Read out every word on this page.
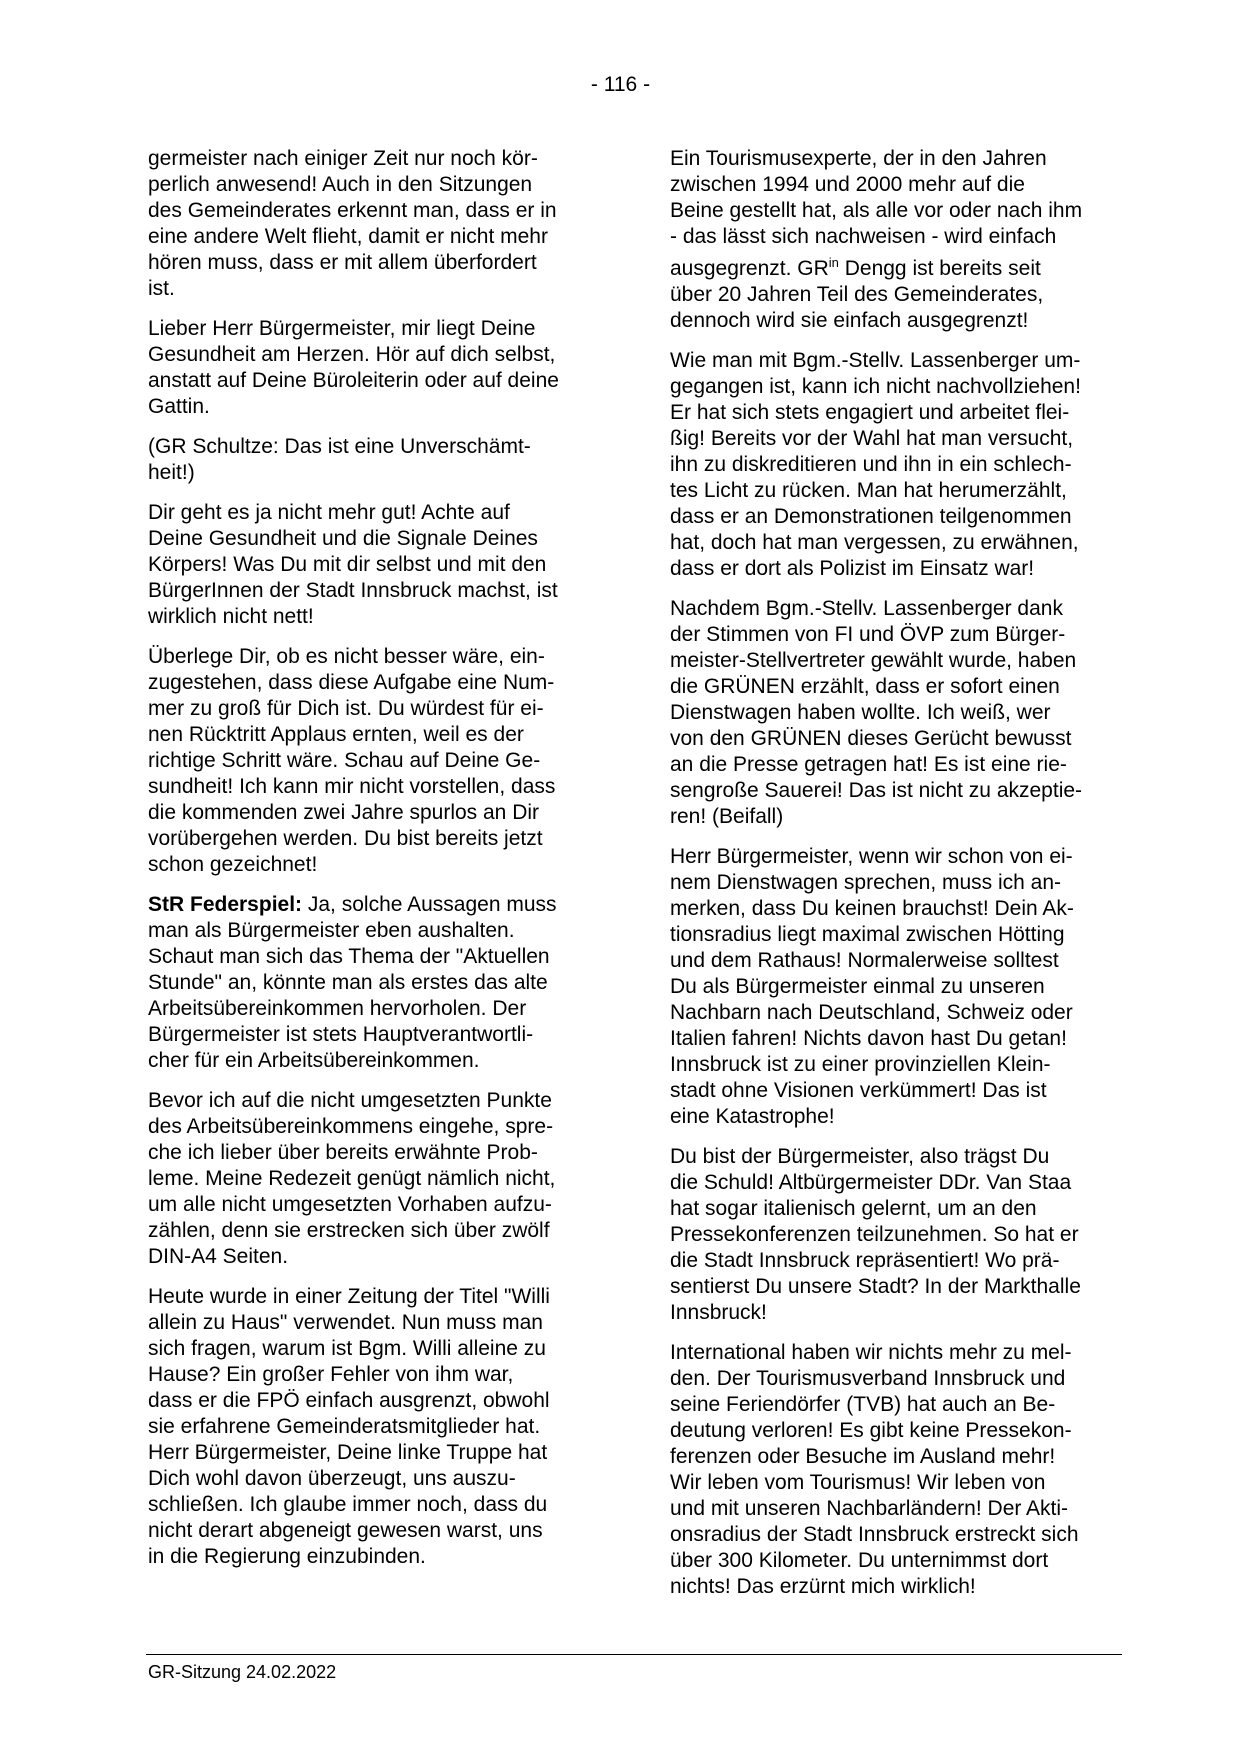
- 116 -

germeister nach einiger Zeit nur noch kör-
perlich anwesend! Auch in den Sitzungen
des Gemeinderates erkennt man, dass er in
eine andere Welt flieht, damit er nicht mehr
hören muss, dass er mit allem überfordert
ist.

Lieber Herr Bürgermeister, mir liegt Deine
Gesundheit am Herzen. Hör auf dich selbst,
anstatt auf Deine Büroleiterin oder auf deine
Gattin.

(GR Schultze: Das ist eine Unverschämt-
heit!)

Dir geht es ja nicht mehr gut! Achte auf
Deine Gesundheit und die Signale Deines
Körpers! Was Du mit dir selbst und mit den
BürgerInnen der Stadt Innsbruck machst, ist
wirklich nicht nett!

Überlege Dir, ob es nicht besser wäre, ein-
zugestehen, dass diese Aufgabe eine Num-
mer zu groß für Dich ist. Du würdest für ei-
nen Rücktritt Applaus ernten, weil es der
richtige Schritt wäre. Schau auf Deine Ge-
sundheit! Ich kann mir nicht vorstellen, dass
die kommenden zwei Jahre spurlos an Dir
vorübergehen werden. Du bist bereits jetzt
schon gezeichnet!

StR Federspiel: Ja, solche Aussagen muss
man als Bürgermeister eben aushalten.
Schaut man sich das Thema der "Aktuellen
Stunde" an, könnte man als erstes das alte
Arbeitsübereinkommen hervorholen. Der
Bürgermeister ist stets Hauptverantwortli-
cher für ein Arbeitsübereinkommen.

Bevor ich auf die nicht umgesetzten Punkte
des Arbeitsübereinkommens eingehe, spre-
che ich lieber über bereits erwähnte Prob-
leme. Meine Redezeit genügt nämlich nicht,
um alle nicht umgesetzten Vorhaben aufzu-
zählen, denn sie erstrecken sich über zwölf
DIN-A4 Seiten.

Heute wurde in einer Zeitung der Titel "Willi
allein zu Haus" verwendet. Nun muss man
sich fragen, warum ist Bgm. Willi alleine zu
Hause? Ein großer Fehler von ihm war,
dass er die FPÖ einfach ausgrenzt, obwohl
sie erfahrene Gemeinderatsmitglieder hat.
Herr Bürgermeister, Deine linke Truppe hat
Dich wohl davon überzeugt, uns auszu-
schließen. Ich glaube immer noch, dass du
nicht derart abgeneigt gewesen warst, uns
in die Regierung einzubinden.

Ein Tourismusexperte, der in den Jahren
zwischen 1994 und 2000 mehr auf die
Beine gestellt hat, als alle vor oder nach ihm
- das lässt sich nachweisen - wird einfach
ausgegrenzt. $GR^{in}$ Dengg ist bereits seit
über 20 Jahren Teil des Gemeinderates,
dennoch wird sie einfach ausgegrenzt!

Wie man mit Bgm.-Stellv. Lassenberger um-
gegangen ist, kann ich nicht nachvollziehen!
Er hat sich stets engagiert und arbeitet flei-
ßig! Bereits vor der Wahl hat man versucht,
ihn zu diskreditieren und ihn in ein schlech-
tes Licht zu rücken. Man hat herumerzählt,
dass er an Demonstrationen teilgenommen
hat, doch hat man vergessen, zu erwähnen,
dass er dort als Polizist im Einsatz war!

Nachdem Bgm.-Stellv. Lassenberger dank
der Stimmen von FI und ÖVP zum Bürger-
meister-Stellvertreter gewählt wurde, haben
die GRÜNEN erzählt, dass er sofort einen
Dienstwagen haben wollte. Ich weiß, wer
von den GRÜNEN dieses Gerücht bewusst
an die Presse getragen hat! Es ist eine rie-
sengroße Sauerei! Das ist nicht zu akzeptie-
ren! (Beifall)

Herr Bürgermeister, wenn wir schon von ei-
nem Dienstwagen sprechen, muss ich an-
merken, dass Du keinen brauchst! Dein Ak-
tionsradius liegt maximal zwischen Hötting
und dem Rathaus! Normalerweise solltest
Du als Bürgermeister einmal zu unseren
Nachbarn nach Deutschland, Schweiz oder
Italien fahren! Nichts davon hast Du getan!
Innsbruck ist zu einer provinziellen Klein-
stadt ohne Visionen verkümmert! Das ist
eine Katastrophe!

Du bist der Bürgermeister, also trägst Du
die Schuld! Altbürgermeister DDr. Van Staa
hat sogar italienisch gelernt, um an den
Pressekonferenzen teilzunehmen. So hat er
die Stadt Innsbruck repräsentiert! Wo prä-
sentierst Du unsere Stadt? In der Markthalle
Innsbruck!

International haben wir nichts mehr zu mel-
den. Der Tourismusverband Innsbruck und
seine Feriendörfer (TVB) hat auch an Be-
deutung verloren! Es gibt keine Pressekon-
ferenzen oder Besuche im Ausland mehr!
Wir leben vom Tourismus! Wir leben von
und mit unseren Nachbarländern! Der Akti-
onsradius der Stadt Innsbruck erstreckt sich
über 300 Kilometer. Du unternimmst dort
nichts! Das erzürnt mich wirklich!

GR-Sitzung 24.02.2022
